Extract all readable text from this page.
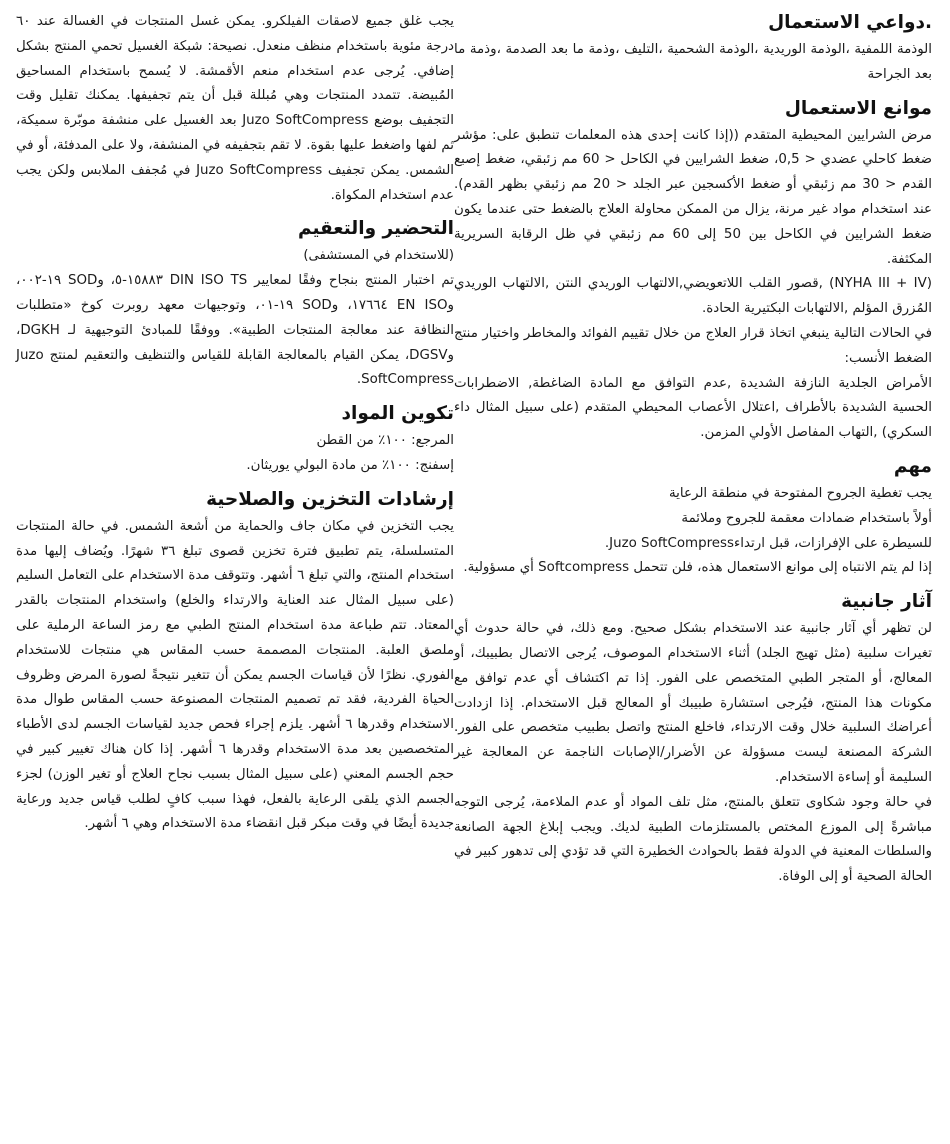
يجب غلق جميع لاصقات الفيلكرو. يمكن غسل المنتجات في الغسالة عند ٦٠ درجة مئوية باستخدام منظف منعدل. نصيحة: شبكة الغسيل تحمي المنتج بشكل إضافي. يُرجى عدم استخدام منعم الأقمشة. لا يُسمح باستخدام المساحيق المُبيضة. تتمدد المنتجات وهي مُبللة قبل أن يتم تجفيفها. يمكنك تقليل وقت التجفيف بوضع Juzo SoftCompress بعد الغسيل على منشفة موبّرة سميكة، ثم لفها واضغط عليها بقوة. لا تقم بتجفيفه في المنشفة، ولا على المدفئة، أو في الشمس. يمكن تجفيف Juzo SoftCompress في مُجفف الملابس ولكن يجب عدم استخدام المكواة.

التحضير والتعقيم

(للاستخدام في المستشفى)

تم اختبار المنتج بنجاح وفقًا لمعايير DIN ISO TS ١٥٨٨٣-٥، وSOD ١٩-٠٠٢، وEN ISO ١٧٦٦٤، وSOD ١٩-٠١، وتوجيهات معهد روبرت كوخ «متطلبات النظافة عند معالجة المنتجات الطبية». ووفقًا للمبادئ التوجيهية لـ DGKH، وDGSV، يمكن القيام بالمعالجة القابلة للقياس والتنظيف والتعقيم لمنتج Juzo SoftCompress.

تكوين المواد

المرجع: ١٠٠٪ من القطن

إسفنج: ١٠٠٪ من مادة البولي يوريثان.

إرشادات التخزين والصلاحية

يجب التخزين في مكان جاف والحماية من أشعة الشمس. في حالة المنتجات المتسلسلة، يتم تطبيق فترة تخزين قصوى تبلغ ٣٦ شهرًا. ويُضاف إليها مدة استخدام المنتج، والتي تبلغ ٦ أشهر. وتتوقف مدة الاستخدام على التعامل السليم (على سبيل المثال عند العناية والارتداء والخلع) واستخدام المنتجات بالقدر المعتاد. تتم طباعة مدة استخدام المنتج الطبي مع رمز الساعة الرملية على ملصق العلبة. المنتجات المصممة حسب المقاس هي منتجات للاستخدام الفوري. نظرًا لأن قياسات الجسم يمكن أن تتغير نتيجةً لصورة المرض وظروف الحياة الفردية، فقد تم تصميم المنتجات المصنوعة حسب المقاس طوال مدة الاستخدام وقدرها ٦ أشهر. يلزم إجراء فحص جديد لقياسات الجسم لدى الأطباء المتخصصين بعد مدة الاستخدام وقدرها ٦ أشهر. إذا كان هناك تغيير كبير في حجم الجسم المعني (على سبيل المثال بسبب نجاح العلاج أو تغير الوزن) لجزء الجسم الذي يلقى الرعاية بالفعل، فهذا سبب كافٍ لطلب قياس جديد ورعاية جديدة أيضًا في وقت مبكر قبل انقضاء مدة الاستخدام وهي ٦ أشهر.

.دواعي الاستعمال

الوذمة اللمفية ،الوذمة الوريدية ،الوذمة الشحمية ،التليف ،وذمة ما بعد الصدمة ،وذمة ما بعد الجراحة

موانع الاستعمال

مرض الشرايين المحيطية المتقدم ((إذا كانت إحدى هذه المعلمات تنطبق على: مؤشر ضغط كاحلي عضدي < 0,5، ضغط الشرايين في الكاحل < 60 مم زئبقي، ضغط إصبع القدم < 30 مم زئبقي أو ضغط الأكسجين عبر الجلد < 20 مم زئبقي بظهر القدم). عند استخدام مواد غير مرنة، يزال من الممكن محاولة العلاج بالضغط حتى عندما يكون ضغط الشرايين في الكاحل بين 50 إلى 60 مم زئبقي في ظل الرقابة السريرية المكثفة.

(NYHA III + IV) ,قصور القلب اللاتعويضي,الالتهاب الوريدي النتن ,الالتهاب الوريدي المُزرق المؤلم ,الالتهابات البكتيرية الحادة.

في الحالات التالية ينبغي اتخاذ قرار العلاج من خلال تقييم الفوائد والمخاطر واختيار منتج الضغط الأنسب:

الأمراض الجلدية النازفة الشديدة ,عدم التوافق مع المادة الضاغطة, الاضطرابات الحسية الشديدة بالأطراف ,اعتلال الأعصاب المحيطي المتقدم (على سبيل المثال داء السكري) ,التهاب المفاصل الأولي المزمن.

مهم

يجب تغطية الجروح المفتوحة في منطقة الرعاية

أولاً باستخدام ضمادات معقمة للجروح وملائمة

للسيطرة على الإفرازات، قبل ارتداءJuzo SoftCompress.

إذا لم يتم الانتباه إلى موانع الاستعمال هذه، فلن تتحمل Softcompress أي مسؤولية.

آثار جانبية

لن تظهر أي آثار جانبية عند الاستخدام بشكل صحيح. ومع ذلك، في حالة حدوث أي تغيرات سلبية (مثل تهيج الجلد) أثناء الاستخدام الموصوف، يُرجى الاتصال بطبيبك، أو المعالج، أو المتجر الطبي المتخصص على الفور. إذا تم اكتشاف أي عدم توافق مع مكونات هذا المنتج، فيُرجى استشارة طبيبك أو المعالج قبل الاستخدام. إذا ازدادت أعراضك السلبية خلال وقت الارتداء، فاخلع المنتج واتصل بطبيب متخصص على الفور. الشركة المصنعة ليست مسؤولة عن الأضرار/الإصابات الناجمة عن المعالجة غير السليمة أو إساءة الاستخدام.

في حالة وجود شكاوى تتعلق بالمنتج، مثل تلف المواد أو عدم الملاءمة، يُرجى التوجه مباشرةً إلى الموزع المختص بالمستلزمات الطبية لديك. ويجب إبلاغ الجهة الصانعة والسلطات المعنية في الدولة فقط بالحوادث الخطيرة التي قد تؤدي إلى تدهور كبير في الحالة الصحية أو إلى الوفاة.
